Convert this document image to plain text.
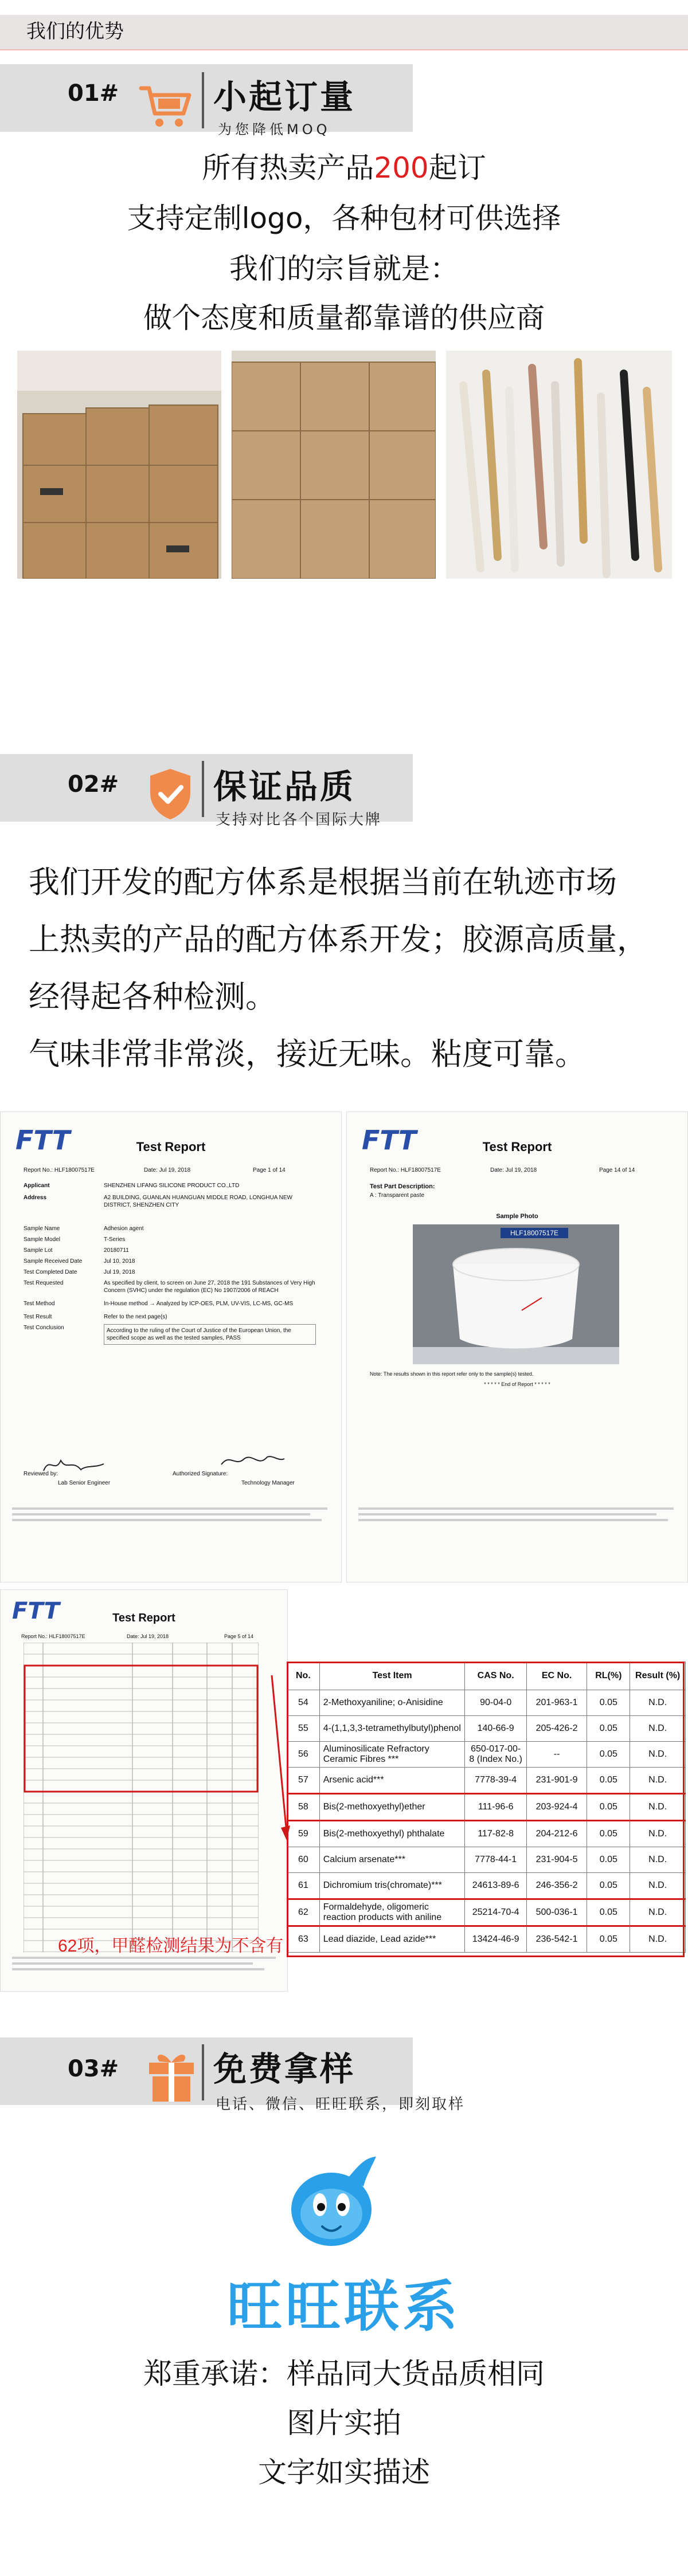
我们的优势
01#	小起订量
为您降低MOQ
所有热卖产品200起订
支持定制logo，各种包材可供选择
我们的宗旨就是：
做个态度和质量都靠谱的供应商
02#	保证品质
支持对比各个国际大牌
我们开发的配方体系是根据当前在轨迹市场
上热卖的产品的配方体系开发；胶源高质量，
经得起各种检测。
气味非常非常淡，接近无味。粘度可靠。
FTT	Test Report
Report No.: HLF18007517E	Date: Jul 19, 2018	Page 1 of 14
Applicant	SHENZHEN LIFANG SILICONE PRODUCT CO.,LTD
Address	A2 BUILDING, GUANLAN HUANGUAN MIDDLE ROAD, LONGHUA NEW DISTRICT, SHENZHEN CITY
Sample Name	Adhesion agent
Sample Model	T-Series
Sample Lot	20180711
Sample Received Date	Jul 10, 2018
Test Completed Date	Jul 19, 2018
Test Requested	As specified by client, to screen on June 27, 2018 the 191 Substances of Very High Concern (SVHC) under the regulation (EC) No 1907/2006 of REACH
Test Method	In-House method → Analyzed by ICP-OES, PLM, UV-VIS, LC-MS, GC-MS
Test Result	Refer to the next page(s)
Test Conclusion	According to the ruling of the Court of Justice of the European Union, the specified scope as well as the tested samples, PASS
Reviewed by:
Lab Senior Engineer
Authorized Signature:
Technology Manager
FTT	Test Report
Report No.: HLF18007517E	Date: Jul 19, 2018	Page 14 of 14
Test Part Description:
A : Transparent paste
Sample Photo
HLF18007517E
Note: The results shown in this report refer only to the sample(s) tested.
* * * * * End of Report * * * * *
FTT	Test Report
Report No.: HLF18007517E	Date: Jul 19, 2018	Page 5 of 14
62项，甲醛检测结果为不含有！
No.	Test Item	CAS No.	EC No.	RL(%)	Result (%)
54	2-Methoxyaniline; o-Anisidine	90-04-0	201-963-1	0.05	N.D.
55	4-(1,1,3,3-tetramethylbutyl)phenol	140-66-9	205-426-2	0.05	N.D.
56	Aluminosilicate Refractory Ceramic Fibres ***	650-017-00-8 (Index No.)	--	0.05	N.D.
57	Arsenic acid***	7778-39-4	231-901-9	0.05	N.D.
58	Bis(2-methoxyethyl)ether	111-96-6	203-924-4	0.05	N.D.
59	Bis(2-methoxyethyl) phthalate	117-82-8	204-212-6	0.05	N.D.
60	Calcium arsenate***	7778-44-1	231-904-5	0.05	N.D.
61	Dichromium tris(chromate)***	24613-89-6	246-356-2	0.05	N.D.
62	Formaldehyde, oligomeric reaction products with aniline	25214-70-4	500-036-1	0.05	N.D.
63	Lead diazide, Lead azide***	13424-46-9	236-542-1	0.05	N.D.
03#	免费拿样
电话、微信、旺旺联系，即刻取样
旺旺联系
郑重承诺：样品同大货品质相同
图片实拍
文字如实描述
